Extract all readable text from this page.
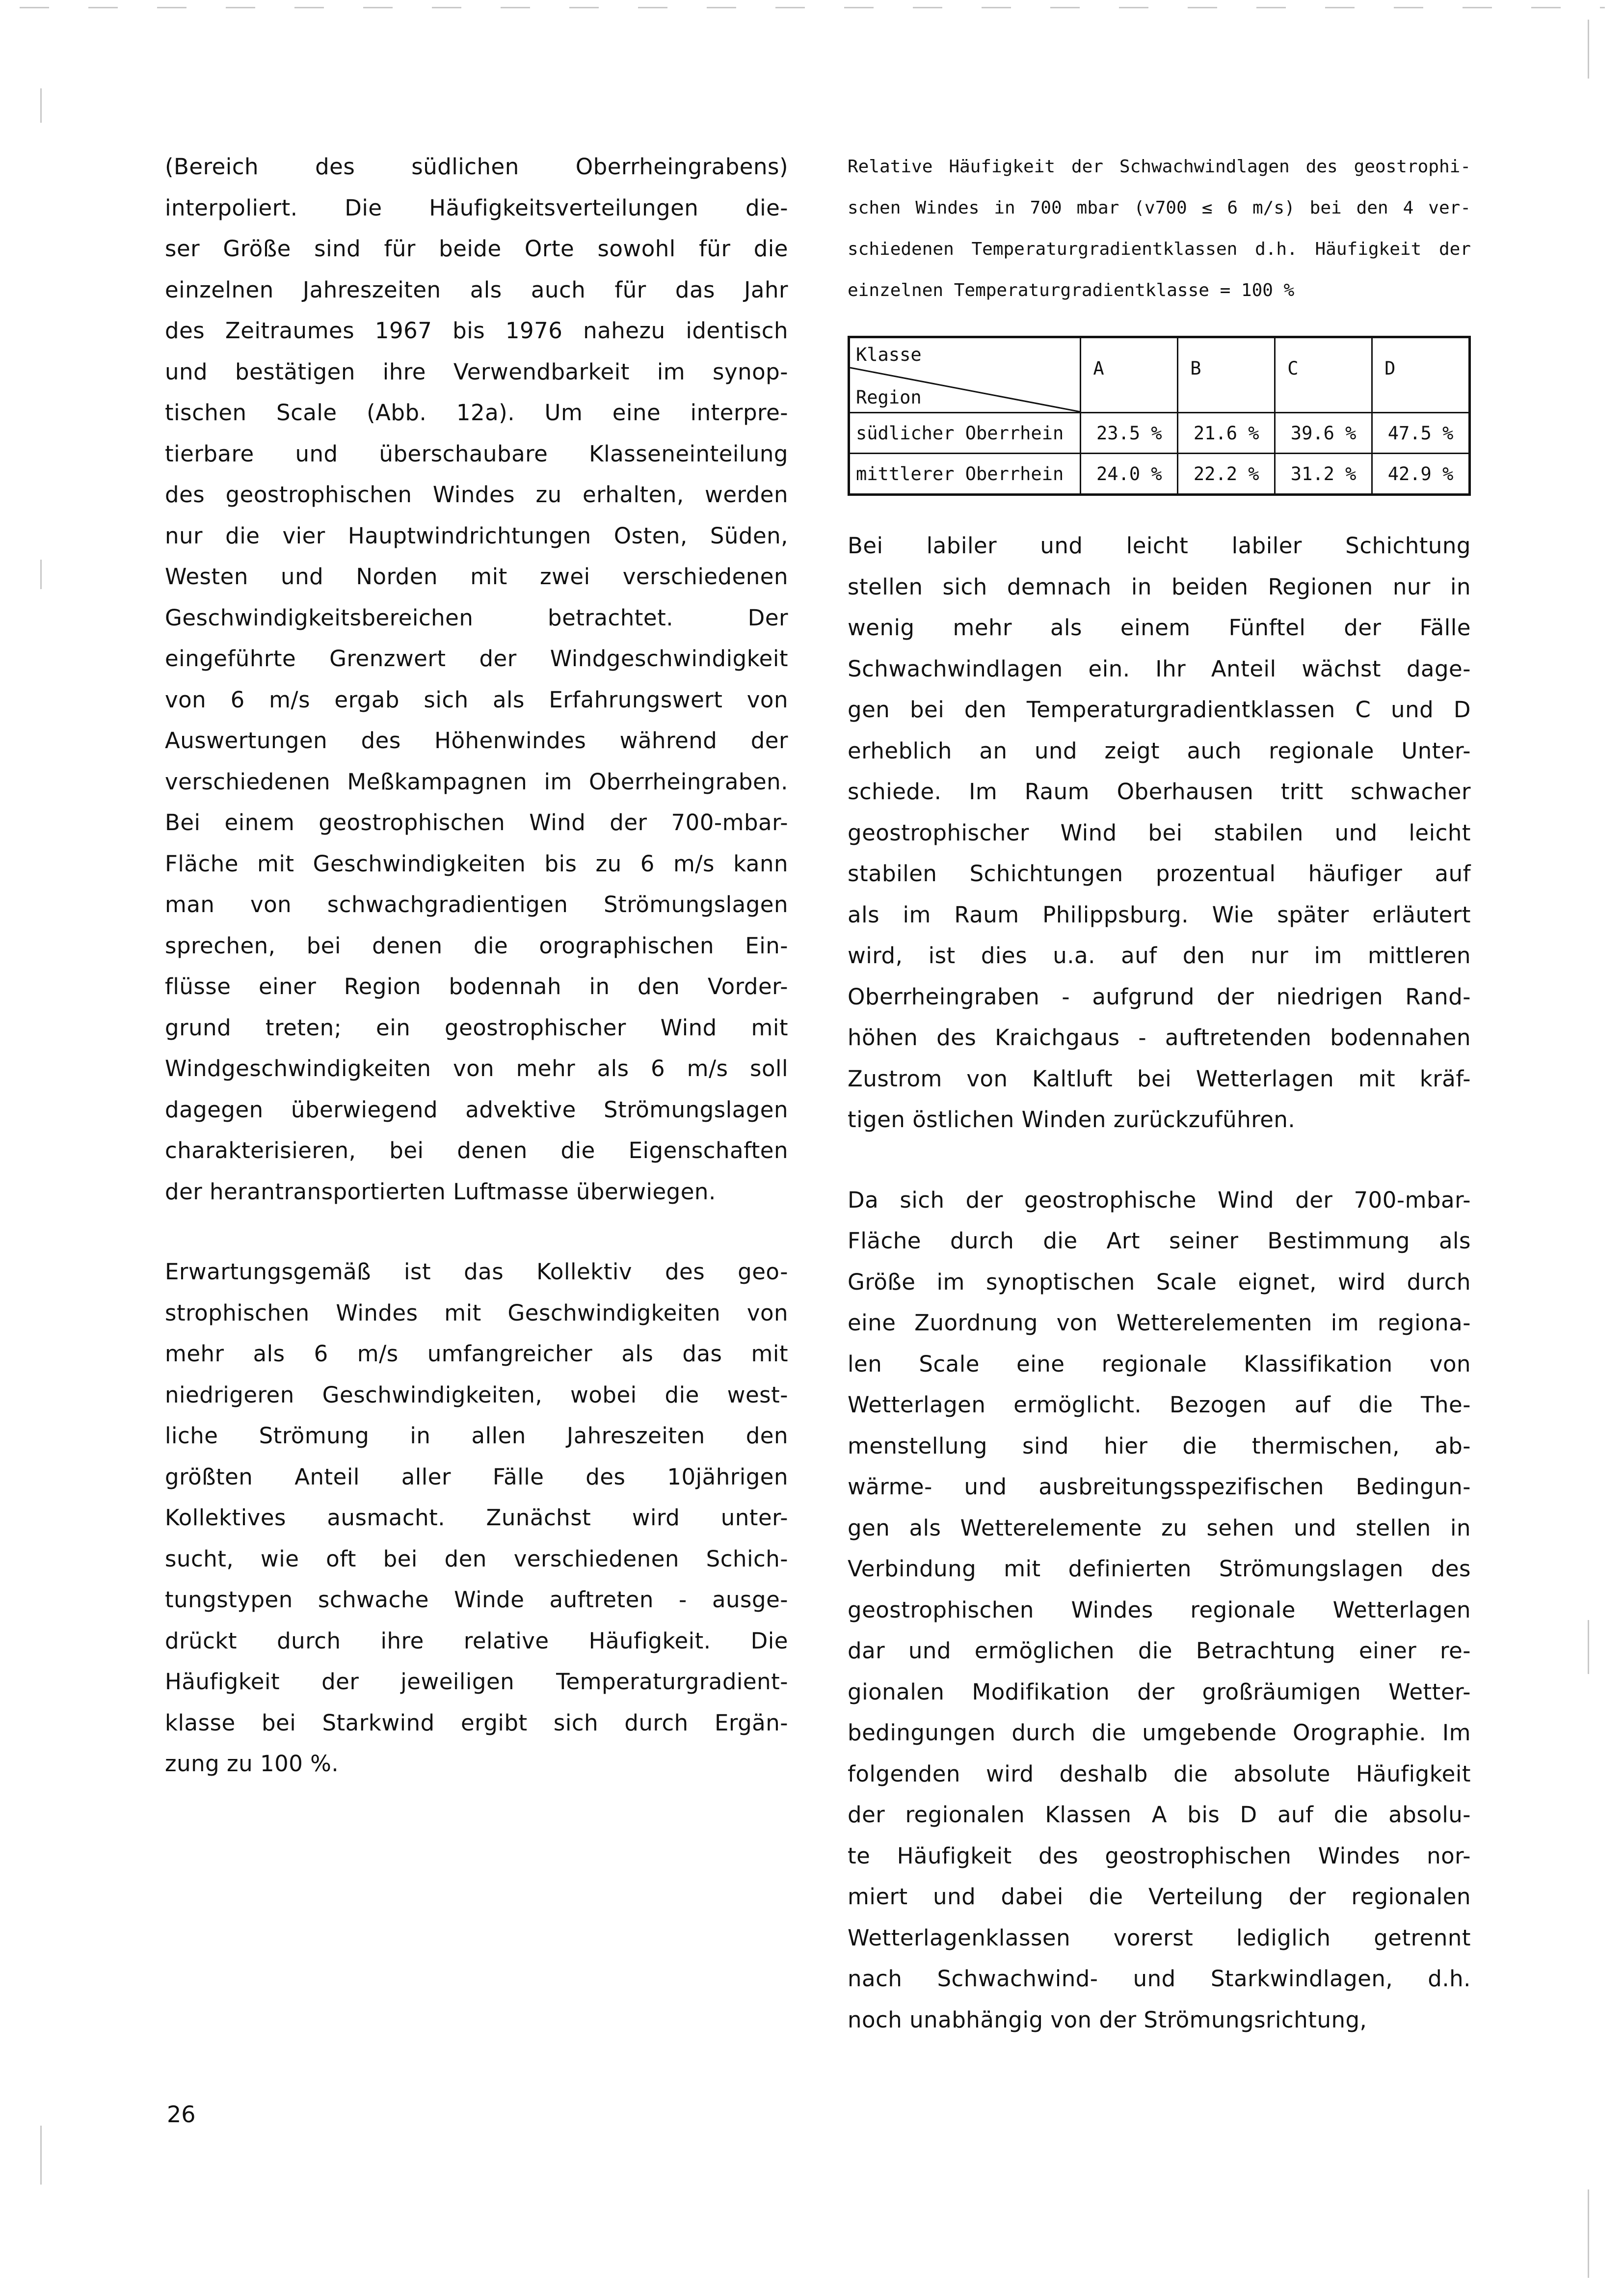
(Bereich des südlichen Oberrheingrabens)
interpoliert. Die Häufigkeitsverteilungen die-
ser Größe sind für beide Orte sowohl für die
einzelnen Jahreszeiten als auch für das Jahr
des Zeitraumes 1967 bis 1976 nahezu identisch
und bestätigen ihre Verwendbarkeit im synop-
tischen Scale (Abb. 12a). Um eine interpre-
tierbare und überschaubare Klasseneinteilung
des geostrophischen Windes zu erhalten, werden
nur die vier Hauptwindrichtungen Osten, Süden,
Westen und Norden mit zwei verschiedenen
Geschwindigkeitsbereichen betrachtet. Der
eingeführte Grenzwert der Windgeschwindigkeit
von 6 m/s ergab sich als Erfahrungswert von
Auswertungen des Höhenwindes während der
verschiedenen Meßkampagnen im Oberrheingraben.
Bei einem geostrophischen Wind der 700-mbar-
Fläche mit Geschwindigkeiten bis zu 6 m/s kann
man von schwachgradientigen Strömungslagen
sprechen, bei denen die orographischen Ein-
flüsse einer Region bodennah in den Vorder-
grund treten; ein geostrophischer Wind mit
Windgeschwindigkeiten von mehr als 6 m/s soll
dagegen überwiegend advektive Strömungslagen
charakterisieren, bei denen die Eigenschaften
der herantransportierten Luftmasse überwiegen.

Erwartungsgemäß ist das Kollektiv des geo-
strophischen Windes mit Geschwindigkeiten von
mehr als 6 m/s umfangreicher als das mit
niedrigeren Geschwindigkeiten, wobei die west-
liche Strömung in allen Jahreszeiten den
größten Anteil aller Fälle des 10jährigen
Kollektives ausmacht. Zunächst wird unter-
sucht, wie oft bei den verschiedenen Schich-
tungstypen schwache Winde auftreten - ausge-
drückt durch ihre relative Häufigkeit. Die
Häufigkeit der jeweiligen Temperaturgradient-
klasse bei Starkwind ergibt sich durch Ergän-
zung zu 100 %.

Relative Häufigkeit der Schwachwindlagen des geostrophi-
schen Windes in 700 mbar (v700 ≤ 6 m/s) bei den 4 ver-
schiedenen Temperaturgradientklassen d.h. Häufigkeit der
einzelnen Temperaturgradientklasse = 100 %

Klasse
Region	A	B	C	D
südlicher Oberrhein	23.5 %	21.6 %	39.6 %	47.5 %
mittlerer Oberrhein	24.0 %	22.2 %	31.2 %	42.9 %

Bei labiler und leicht labiler Schichtung
stellen sich demnach in beiden Regionen nur in
wenig mehr als einem Fünftel der Fälle
Schwachwindlagen ein. Ihr Anteil wächst dage-
gen bei den Temperaturgradientklassen C und D
erheblich an und zeigt auch regionale Unter-
schiede. Im Raum Oberhausen tritt schwacher
geostrophischer Wind bei stabilen und leicht
stabilen Schichtungen prozentual häufiger auf
als im Raum Philippsburg. Wie später erläutert
wird, ist dies u.a. auf den nur im mittleren
Oberrheingraben - aufgrund der niedrigen Rand-
höhen des Kraichgaus - auftretenden bodennahen
Zustrom von Kaltluft bei Wetterlagen mit kräf-
tigen östlichen Winden zurückzuführen.

Da sich der geostrophische Wind der 700-mbar-
Fläche durch die Art seiner Bestimmung als
Größe im synoptischen Scale eignet, wird durch
eine Zuordnung von Wetterelementen im regiona-
len Scale eine regionale Klassifikation von
Wetterlagen ermöglicht. Bezogen auf die The-
menstellung sind hier die thermischen, ab-
wärme- und ausbreitungsspezifischen Bedingun-
gen als Wetterelemente zu sehen und stellen in
Verbindung mit definierten Strömungslagen des
geostrophischen Windes regionale Wetterlagen
dar und ermöglichen die Betrachtung einer re-
gionalen Modifikation der großräumigen Wetter-
bedingungen durch die umgebende Orographie. Im
folgenden wird deshalb die absolute Häufigkeit
der regionalen Klassen A bis D auf die absolu-
te Häufigkeit des geostrophischen Windes nor-
miert und dabei die Verteilung der regionalen
Wetterlagenklassen vorerst lediglich getrennt
nach Schwachwind- und Starkwindlagen, d.h.
noch unabhängig von der Strömungsrichtung,

26
